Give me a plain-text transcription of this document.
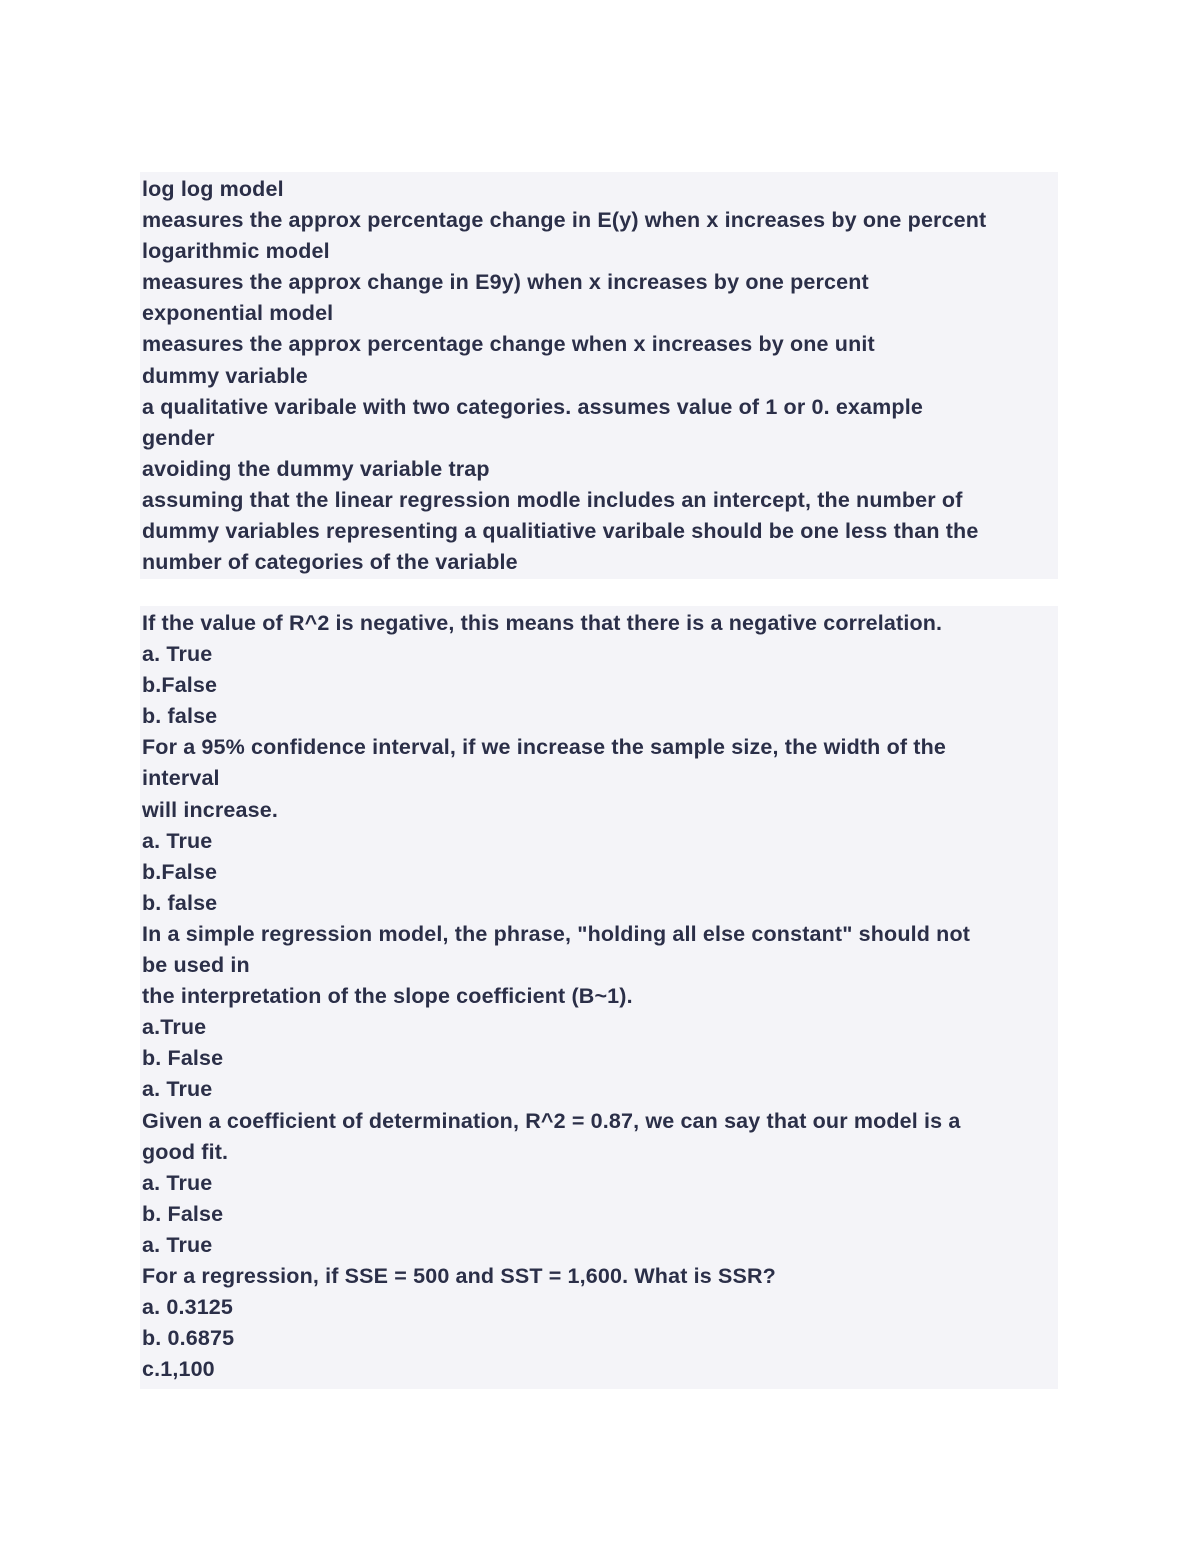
log log model
measures the approx percentage change in E(y) when x increases by one percent
logarithmic model
measures the approx change in E9y) when x increases by one percent
exponential model
measures the approx percentage change when x increases by one unit
dummy variable
a qualitative varibale with two categories. assumes value of 1 or 0. example
gender
avoiding the dummy variable trap
assuming that the linear regression modle includes an intercept, the number of
dummy variables representing a qualitiative varibale should be one less than the
number of categories of the variable
If the value of R^2 is negative, this means that there is a negative correlation.
a. True
b.False
b. false
For a 95% confidence interval, if we increase the sample size, the width of the
interval
will increase.
a. True
b.False
b. false
In a simple regression model, the phrase, "holding all else constant" should not
be used in
the interpretation of the slope coefficient (B~1).
a.True
b. False
a. True
Given a coefficient of determination, R^2 = 0.87, we can say that our model is a
good fit.
a. True
b. False
a. True
For a regression, if SSE = 500 and SST = 1,600. What is SSR?
a. 0.3125
b. 0.6875
c.1,100
